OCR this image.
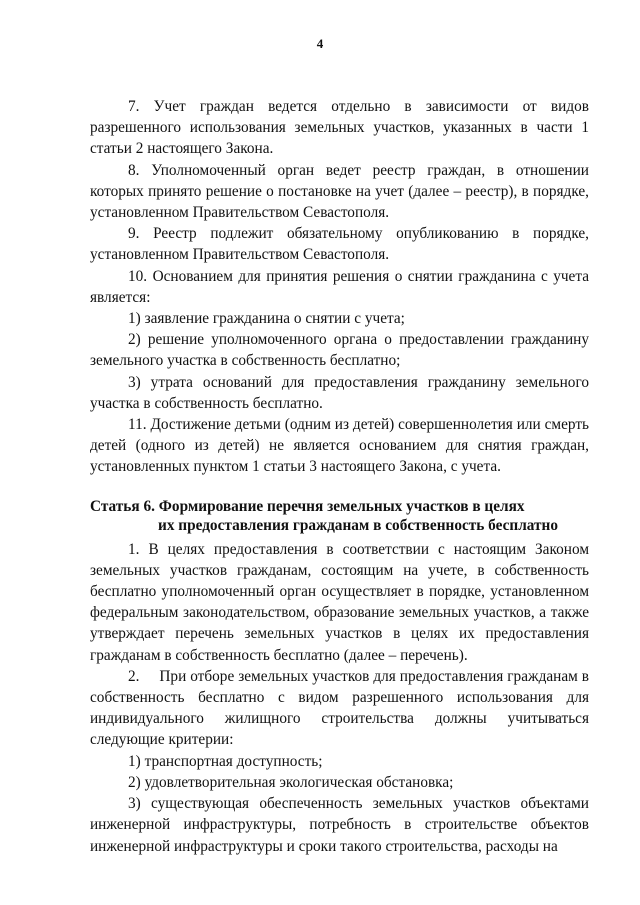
4

7. Учет граждан ведется отдельно в зависимости от видов разрешенного использования земельных участков, указанных в части 1 статьи 2 настоящего Закона.

8. Уполномоченный орган ведет реестр граждан, в отношении которых принято решение о постановке на учет (далее – реестр), в порядке, установленном Правительством Севастополя.

9. Реестр подлежит обязательному опубликованию в порядке, установленном Правительством Севастополя.

10. Основанием для принятия решения о снятии гражданина с учета является:

1) заявление гражданина о снятии с учета;

2) решение уполномоченного органа о предоставлении гражданину земельного участка в собственность бесплатно;

3) утрата оснований для предоставления гражданину земельного участка в собственность бесплатно.

11. Достижение детьми (одним из детей) совершеннолетия или смерть детей (одного из детей) не является основанием для снятия граждан, установленных пунктом 1 статьи 3 настоящего Закона, с учета.

Статья 6. Формирование перечня земельных участков в целях
их предоставления гражданам в собственность бесплатно

1. В целях предоставления в соответствии с настоящим Законом земельных участков гражданам, состоящим на учете, в собственность бесплатно уполномоченный орган осуществляет в порядке, установленном федеральным законодательством, образование земельных участков, а также утверждает перечень земельных участков в целях их предоставления гражданам в собственность бесплатно (далее – перечень).

2.     При отборе земельных участков для предоставления гражданам в собственность бесплатно с видом разрешенного использования для индивидуального жилищного строительства должны учитываться следующие критерии:

1) транспортная доступность;

2) удовлетворительная экологическая обстановка;

3) существующая обеспеченность земельных участков объектами инженерной инфраструктуры, потребность в строительстве объектов инженерной инфраструктуры и сроки такого строительства, расходы на
